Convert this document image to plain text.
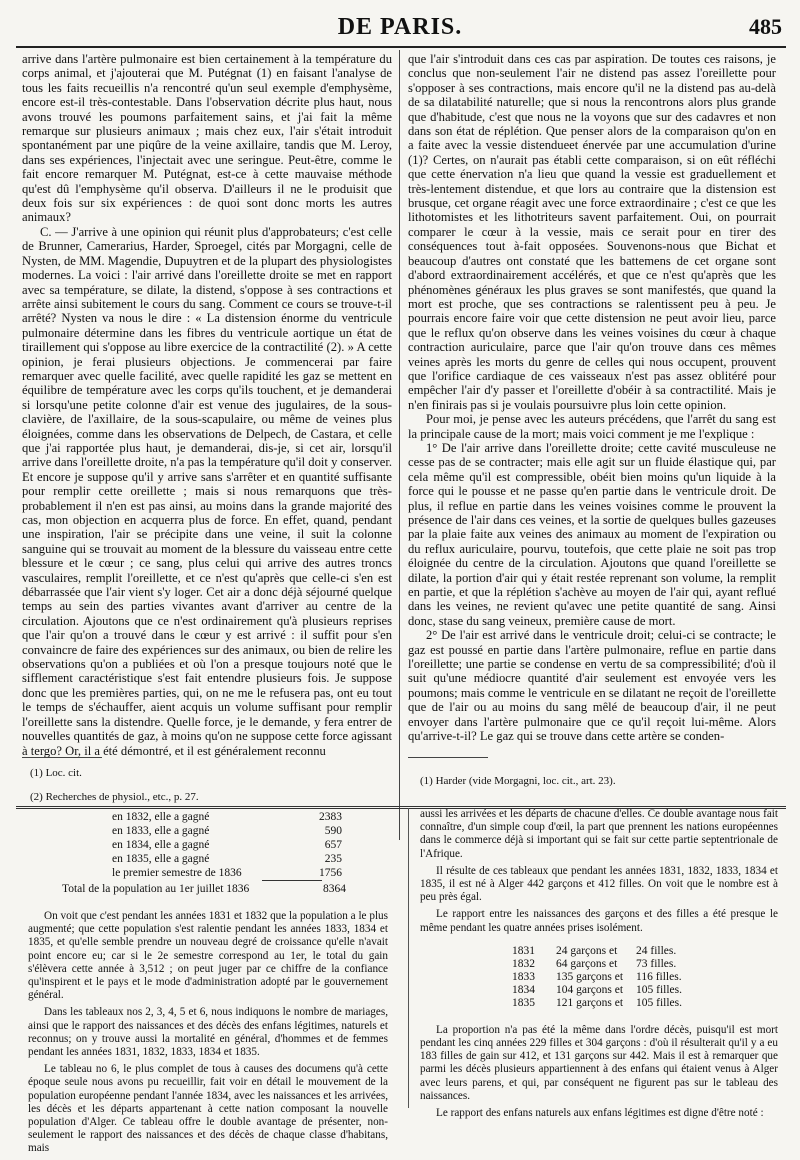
DE PARIS.	485

arrive dans l'artère pulmonaire est bien certainement à la température du corps animal, et j'ajouterai que M. Putégnat (1) en faisant l'analyse de tous les faits recueillis n'a rencontré qu'un seul exemple d'emphysème, encore est-il très-contestable. Dans l'observation décrite plus haut, nous avons trouvé les poumons parfaitement sains, et j'ai fait la même remarque sur plusieurs animaux ; mais chez eux, l'air s'était introduit spontanément par une piqûre de la veine axillaire, tandis que M. Leroy, dans ses expériences, l'injectait avec une seringue. Peut-être, comme le fait encore remarquer M. Putégnat, est-ce à cette mauvaise méthode qu'est dû l'emphysème qu'il observa. D'ailleurs il ne le produisit que deux fois sur six expériences : de quoi sont donc morts les autres animaux?

C. — J'arrive à une opinion qui réunit plus d'approbateurs; c'est celle de Brunner, Camerarius, Harder, Sproegel, cités par Morgagni, celle de Nysten, de MM. Magendie, Dupuytren et de la plupart des physiologistes modernes. La voici : l'air arrivé dans l'oreillette droite se met en rapport avec sa température, se dilate, la distend, s'oppose à ses contractions et arrête ainsi subitement le cours du sang. Comment ce cours se trouve-t-il arrêté? Nysten va nous le dire : « La distension énorme du ventricule pulmonaire détermine dans les fibres du ventricule aortique un état de tiraillement qui s'oppose au libre exercice de la contractilité (2). » A cette opinion, je ferai plusieurs objections. Je commencerai par faire remarquer avec quelle facilité, avec quelle rapidité les gaz se mettent en équilibre de température avec les corps qu'ils touchent, et je demanderai si lorsqu'une petite colonne d'air est venue des jugulaires, de la sous-clavière, de l'axillaire, de la sous-scapulaire, ou même de veines plus éloignées, comme dans les observations de Delpech, de Castara, et celle que j'ai rapportée plus haut, je demanderai, dis-je, si cet air, lorsqu'il arrive dans l'oreillette droite, n'a pas la température qu'il doit y conserver. Et encore je suppose qu'il y arrive sans s'arrêter et en quantité suffisante pour remplir cette oreillette ; mais si nous remarquons que très-probablement il n'en est pas ainsi, au moins dans la grande majorité des cas, mon objection en acquerra plus de force. En effet, quand, pendant une inspiration, l'air se précipite dans une veine, il suit la colonne sanguine qui se trouvait au moment de la blessure du vaisseau entre cette blessure et le cœur ; ce sang, plus celui qui arrive des autres troncs vasculaires, remplit l'oreillette, et ce n'est qu'après que celle-ci s'en est débarrassée que l'air vient s'y loger. Cet air a donc déjà séjourné quelque temps au sein des parties vivantes avant d'arriver au centre de la circulation. Ajoutons que ce n'est ordinairement qu'à plusieurs reprises que l'air qu'on a trouvé dans le cœur y est arrivé : il suffit pour s'en convaincre de faire des expériences sur des animaux, ou bien de relire les observations qu'on a publiées et où l'on a presque toujours noté que le sifflement caractéristique s'est fait entendre plusieurs fois. Je suppose donc que les premières parties, qui, on ne me le refusera pas, ont eu tout le temps de s'échauffer, aient acquis un volume suffisant pour remplir l'oreillette sans la distendre. Quelle force, je le demande, y fera entrer de nouvelles quantités de gaz, à moins qu'on ne suppose cette force agissant à tergo? Or, il a été démontré, et il est généralement reconnu

que l'air s'introduit dans ces cas par aspiration. De toutes ces raisons, je conclus que non-seulement l'air ne distend pas assez l'oreillette pour s'opposer à ses contractions, mais encore qu'il ne la distend pas au-delà de sa dilatabilité naturelle; que si nous la rencontrons alors plus grande que d'habitude, c'est que nous ne la voyons que sur des cadavres et non dans son état de réplétion. Que penser alors de la comparaison qu'on en a faite avec la vessie distendueet énervée par une accumulation d'urine (1)? Certes, on n'aurait pas établi cette comparaison, si on eût réfléchi que cette énervation n'a lieu que quand la vessie est graduellement et très-lentement distendue, et que lors au contraire que la distension est brusque, cet organe réagit avec une force extraordinaire ; c'est ce que les lithotomistes et les lithotriteurs savent parfaitement. Oui, on pourrait comparer le cœur à la vessie, mais ce serait pour en tirer des conséquences tout à-fait opposées. Souvenons-nous que Bichat et beaucoup d'autres ont constaté que les battemens de cet organe sont d'abord extraordinairement accélérés, et que ce n'est qu'après que les phénomènes généraux les plus graves se sont manifestés, que quand la mort est proche, que ses contractions se ralentissent peu à peu. Je pourrais encore faire voir que cette distension ne peut avoir lieu, parce que le reflux qu'on observe dans les veines voisines du cœur à chaque contraction auriculaire, parce que l'air qu'on trouve dans ces mêmes veines après les morts du genre de celles qui nous occupent, prouvent que l'orifice cardiaque de ces vaisseaux n'est pas assez oblitéré pour empêcher l'air d'y passer et l'oreillette d'obéir à sa contractilité. Mais je n'en finirais pas si je voulais poursuivre plus loin cette opinion.

Pour moi, je pense avec les auteurs précédens, que l'arrêt du sang est la principale cause de la mort; mais voici comment je me l'explique :

1° De l'air arrive dans l'oreillette droite; cette cavité musculeuse ne cesse pas de se contracter; mais elle agit sur un fluide élastique qui, par cela même qu'il est compressible, obéit bien moins qu'un liquide à la force qui le pousse et ne passe qu'en partie dans le ventricule droit. De plus, il reflue en partie dans les veines voisines comme le prouvent la présence de l'air dans ces veines, et la sortie de quelques bulles gazeuses par la plaie faite aux veines des animaux au moment de l'expiration ou du reflux auriculaire, pourvu, toutefois, que cette plaie ne soit pas trop éloignée du centre de la circulation. Ajoutons que quand l'oreillette se dilate, la portion d'air qui y était restée reprenant son volume, la remplit en partie, et que la réplétion s'achève au moyen de l'air qui, ayant reflué dans les veines, ne revient qu'avec une petite quantité de sang. Ainsi donc, stase du sang veineux, première cause de mort.

2° De l'air est arrivé dans le ventricule droit; celui-ci se contracte; le gaz est poussé en partie dans l'artère pulmonaire, reflue en partie dans l'oreillette; une partie se condense en vertu de sa compressibilité; d'où il suit qu'une médiocre quantité d'air seulement est envoyée vers les poumons; mais comme le ventricule en se dilatant ne reçoit de l'oreillette que de l'air ou au moins du sang mêlé de beaucoup d'air, il ne peut envoyer dans l'artère pulmonaire que ce qu'il reçoit lui-même. Alors qu'arrive-t-il? Le gaz qui se trouve dans cette artère se conden-

(1) Loc. cit.
(2) Recherches de physiol., etc., p. 27.
(1) Harder (vide Morgagni, loc. cit., art. 23).
en 1832, elle a gagné	2383
en 1833, elle a gagné	590
en 1834, elle a gagné	657
en 1835, elle a gagné	235
le premier semestre de 1836	1756
Total de la population au 1er juillet 1836	8364

On voit que c'est pendant les années 1831 et 1832 que la population a le plus augmenté; que cette population s'est ralentie pendant les années 1833, 1834 et 1835, et qu'elle semble prendre un nouveau degré de croissance qu'elle n'avait point encore eu; car si le 2e semestre correspond au 1er, le total du gain s'élèvera cette année à 3,512 ; on peut juger par ce chiffre de la confiance qu'inspirent et le pays et le mode d'administration adopté par le gouvernement général.

Dans les tableaux nos 2, 3, 4, 5 et 6, nous indiquons le nombre de mariages, ainsi que le rapport des naissances et des décès des enfans légitimes, naturels et reconnus; on y trouve aussi la mortalité en général, d'hommes et de femmes pendant les années 1831, 1832, 1833, 1834 et 1835.

Le tableau no 6, le plus complet de tous à causes des documens qu'à cette époque seule nous avons pu recueillir, fait voir en détail le mouvement de la population européenne pendant l'année 1834, avec les naissances et les arrivées, les décès et les départs appartenant à cette nation composant la nouvelle population d'Alger. Ce tableau offre le double avantage de présenter, non-seulement le rapport des naissances et des décès de chaque classe d'habitans, mais

aussi les arrivées et les départs de chacune d'elles. Ce double avantage nous fait connaître, d'un simple coup d'œil, la part que prennent les nations européennes dans le commerce déjà si important qui se fait sur cette partie septentrionale de l'Afrique.

Il résulte de ces tableaux que pendant les années 1831, 1832, 1833, 1834 et 1835, il est né à Alger 442 garçons et 412 filles. On voit que le nombre est à peu près égal.

Le rapport entre les naissances des garçons et des filles a été presque le même pendant les quatre années prises isolément.

1831	24 garçons et	24 filles.
1832	64 garçons et	73 filles.
1833	135 garçons et	116 filles.
1834	104 garçons et	105 filles.
1835	121 garçons et	105 filles.

La proportion n'a pas été la même dans l'ordre décès, puisqu'il est mort pendant les cinq années 229 filles et 304 garçons : d'où il résulterait qu'il y a eu 183 filles de gain sur 412, et 131 garçons sur 442. Mais il est à remarquer que parmi les décès plusieurs appartiennent à des enfans qui étaient venus à Alger avec leurs parens, et qui, par conséquent ne figurent pas sur le tableau des naissances.

Le rapport des enfans naturels aux enfans légitimes est digne d'être noté :
